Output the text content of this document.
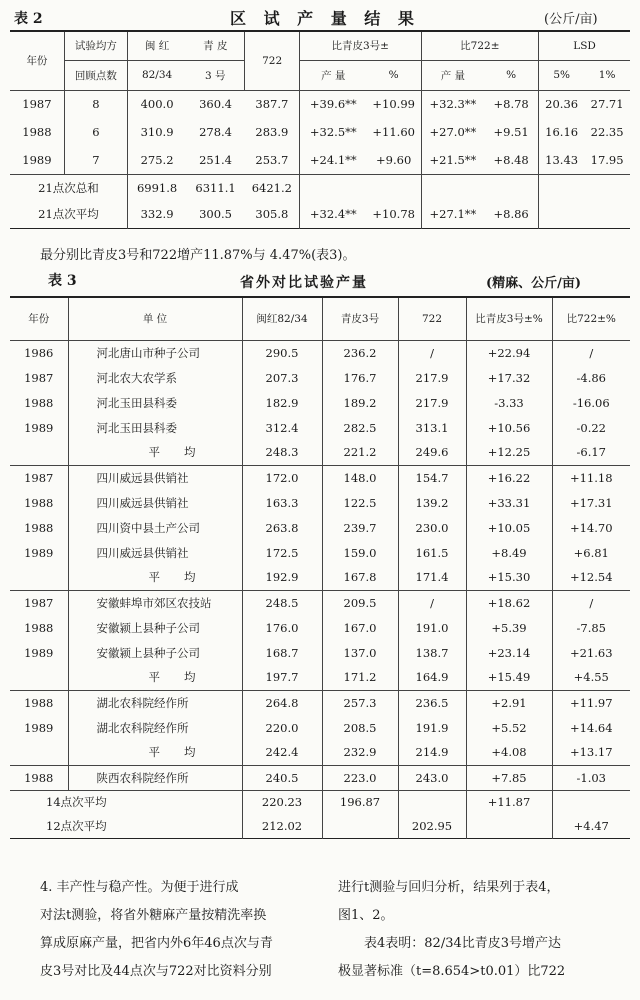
表 2	区 试 产 量 结 果	(公斤/亩)
年份	试验均方	闽 红	青 皮	722	比青皮3号±		比722±		LSD	
	回顾点数	82/34	3 号		产 量	%	产 量	%	5%	1%
1987	8	400.0	360.4	387.7	+39.6**	+10.99	+32.3**	+8.78	20.36	27.71
1988	6	310.9	278.4	283.9	+32.5**	+11.60	+27.0**	+9.51	16.16	22.35
1989	7	275.2	251.4	253.7	+24.1**	+9.60	+21.5**	+8.48	13.43	17.95
21点次总和		6991.8	6311.1	6421.2						
21点次平均		332.9	300.5	305.8	+32.4**	+10.78	+27.1**	+8.86		
最分别比青皮3号和722增产11.87%与 4.47%(表3)。
表 3	省外对比试验产量	(精麻、公斤/亩)
年份	单 位	闽红82/34	青皮3号	722	比青皮3号±%	比722±%
1986	河北唐山市种子公司	290.5	236.2	/	+22.94	/
1987	河北农大农学系	207.3	176.7	217.9	+17.32	-4.86
1988	河北玉田县科委	182.9	189.2	217.9	-3.33	-16.06
1989	河北玉田县科委	312.4	282.5	313.1	+10.56	-0.22
	平均	248.3	221.2	249.6	+12.25	-6.17
1987	四川威远县供销社	172.0	148.0	154.7	+16.22	+11.18
1988	四川威远县供销社	163.3	122.5	139.2	+33.31	+17.31
1988	四川资中县土产公司	263.8	239.7	230.0	+10.05	+14.70
1989	四川威远县供销社	172.5	159.0	161.5	+8.49	+6.81
	平均	192.9	167.8	171.4	+15.30	+12.54
1987	安徽蚌埠市郊区农技站	248.5	209.5	/	+18.62	/
1988	安徽颍上县种子公司	176.0	167.0	191.0	+5.39	-7.85
1989	安徽颍上县种子公司	168.7	137.0	138.7	+23.14	+21.63
	平均	197.7	171.2	164.9	+15.49	+4.55
1988	湖北农科院经作所	264.8	257.3	236.5	+2.91	+11.97
1989	湖北农科院经作所	220.0	208.5	191.9	+5.52	+14.64
	平均	242.4	232.9	214.9	+4.08	+13.17
1988	陕西农科院经作所	240.5	223.0	243.0	+7.85	-1.03
14点次平均		220.23	196.87		+11.87	
12点次平均		212.02		202.95		+4.47
4. 丰产性与稳产性。为便于进行成
对法t测验，将省外糖麻产量按精洗率换
算成原麻产量，把省内外6年46点次与青
皮3号对比及44点次与722对比资料分别
进行t测验与回归分析，结果列于表4，
图1、2。
表4表明：82/34比青皮3号增产达
极显著标准（t=8.654>t0.01）比722
